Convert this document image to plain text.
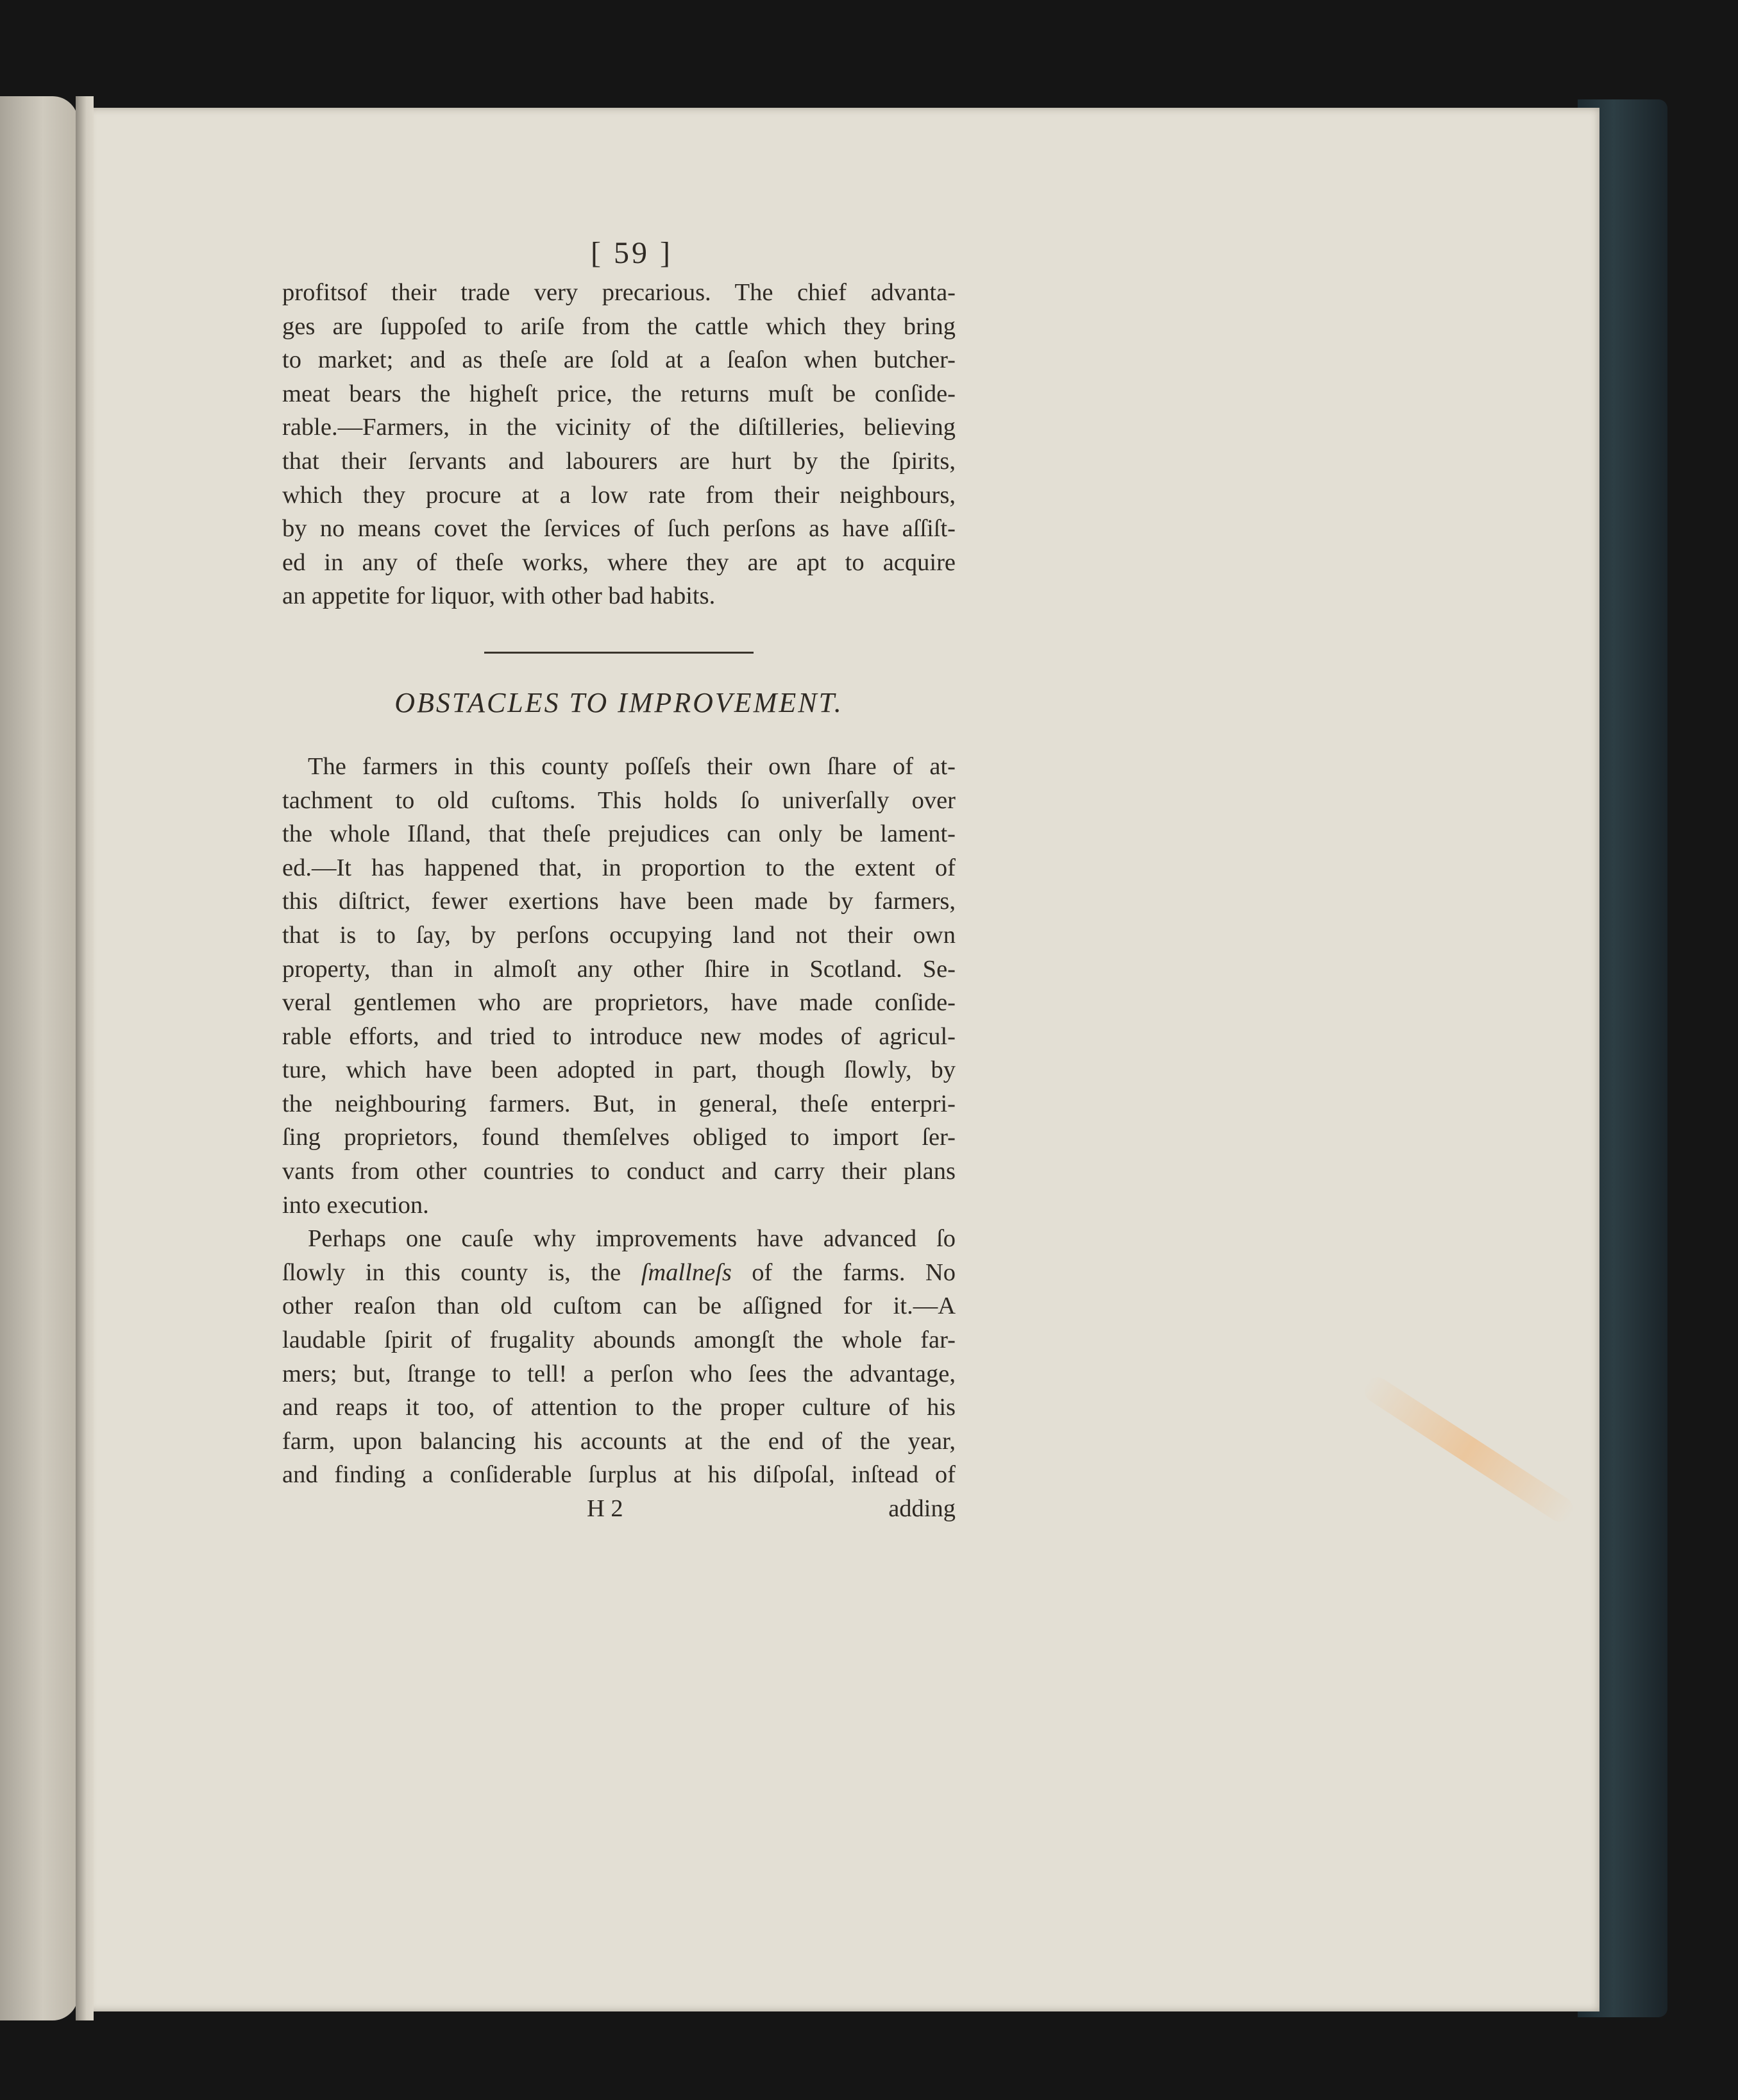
[ 59 ]
profitsof their trade very precarious. The chief advanta-
ges are ſuppoſed to ariſe from the cattle which they bring
to market; and as theſe are ſold at a ſeaſon when butcher-
meat bears the higheſt price, the returns muſt be conſide-
rable.—Farmers, in the vicinity of the diſtilleries, believing
that their ſervants and labourers are hurt by the ſpirits,
which they procure at a low rate from their neighbours,
by no means covet the ſervices of ſuch perſons as have aſſiſt-
ed in any of theſe works, where they are apt to acquire
an appetite for liquor, with other bad habits.
OBSTACLES TO IMPROVEMENT.
The farmers in this county poſſeſs their own ſhare of at-
tachment to old cuſtoms. This holds ſo univerſally over
the whole Iſland, that theſe prejudices can only be lament-
ed.—It has happened that, in proportion to the extent of
this diſtrict, fewer exertions have been made by farmers,
that is to ſay, by perſons occupying land not their own
property, than in almoſt any other ſhire in Scotland. Se-
veral gentlemen who are proprietors, have made conſide-
rable efforts, and tried to introduce new modes of agricul-
ture, which have been adopted in part, though ſlowly, by
the neighbouring farmers. But, in general, theſe enterpri-
ſing proprietors, found themſelves obliged to import ſer-
vants from other countries to conduct and carry their plans
into execution.
Perhaps one cauſe why improvements have advanced ſo
ſlowly in this county is, the ſmallneſs of the farms. No
other reaſon than old cuſtom can be aſſigned for it.—A
laudable ſpirit of frugality abounds amongſt the whole far-
mers; but, ſtrange to tell! a perſon who ſees the advantage,
and reaps it too, of attention to the proper culture of his
farm, upon balancing his accounts at the end of the year,
and finding a conſiderable ſurplus at his diſpoſal, inſtead of
H 2	adding
